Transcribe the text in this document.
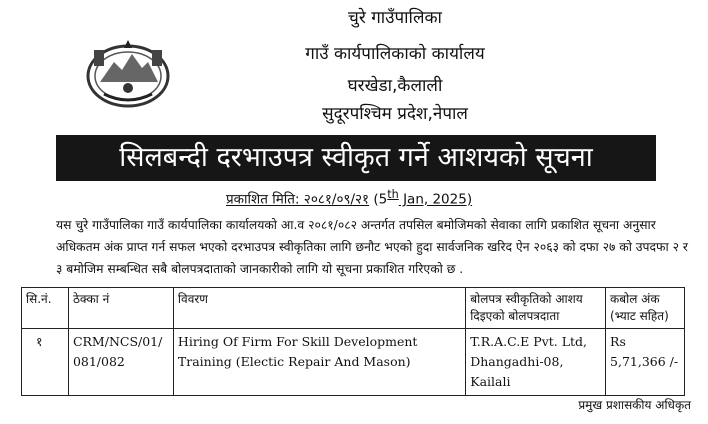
चुरे गाउँपालिका
गाउँ कार्यपालिकाको कार्यालय
घरखेडा,कैलाली
सुदूरपश्चिम प्रदेश,नेपाल
सिलबन्दी दरभाउपत्र स्वीकृत गर्ने आशयको सूचना
प्रकाशित मिति: २०८१/०९/२१ (5th Jan, 2025)
यस चुरे गाउँपालिका गाउँ कार्यपालिका कार्यालयको आ.व २०८१/०८२ अन्तर्गत तपसिल बमोजिमको सेवाका लागि प्रकाशित सूचना अनुसार
अधिकतम अंक प्राप्त गर्न सफल भएको दरभाउपत्र स्वीकृतिका लागि छनौट भएको हुदा सार्वजनिक खरिद ऐन २०६३ को दफा २७ को उपदफा २ र
३ बमोजिम सम्बन्धित सबै बोलपत्रदाताको जानकारीको लागि यो सूचना प्रकाशित गरिएको छ .
सि.नं.	ठेक्का नं	विवरण	बोलपत्र स्वीकृतिको आशय दिइएको बोलपत्रदाता	कबोल अंक (भ्याट सहित)
१	CRM/NCS/01/ 081/082	Hiring Of Firm For Skill Development Training (Electic Repair And Mason)	T.R.A.C.E Pvt. Ltd, Dhangadhi-08, Kailali	Rs 5,71,366 /-
प्रमुख प्रशासकीय अधिकृत
